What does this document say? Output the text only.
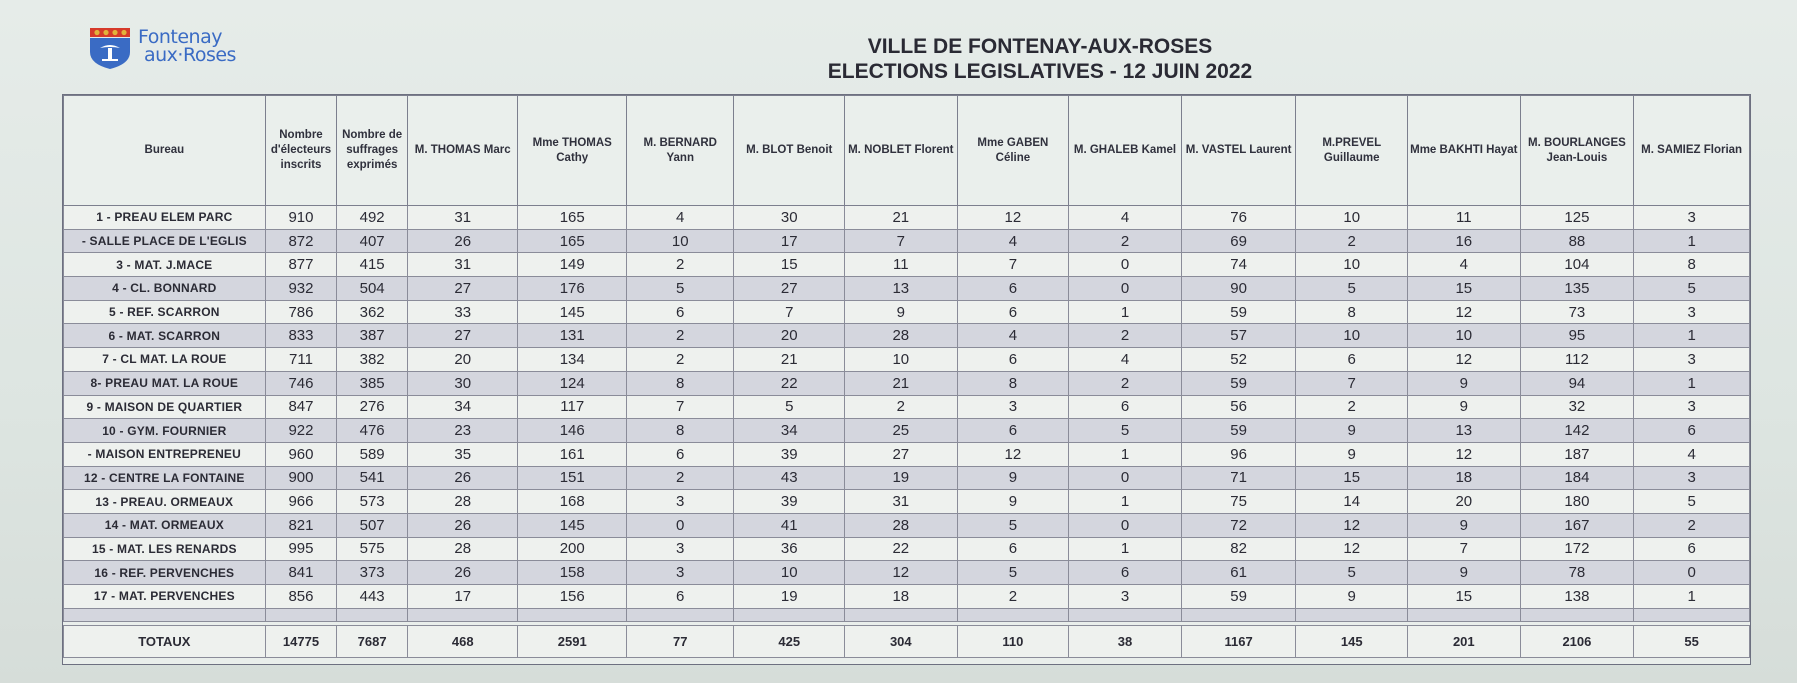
Fontenay
aux·Roses	VILLE DE FONTENAY-AUX-ROSES
ELECTIONS LEGISLATIVES - 12 JUIN 2022
Bureau	Nombre d'électeurs inscrits	Nombre de suffrages exprimés	M. THOMAS Marc	Mme THOMAS Cathy	M. BERNARD Yann	M. BLOT Benoit	M. NOBLET Florent	Mme GABEN Céline	M. GHALEB Kamel	M. VASTEL Laurent	M.PREVEL Guillaume	Mme BAKHTI Hayat	M. BOURLANGES Jean-Louis	M. SAMIEZ Florian
1 - PREAU ELEM PARC	910	492	31	165	4	30	21	12	4	76	10	11	125	3
- SALLE PLACE DE L'EGLIS	872	407	26	165	10	17	7	4	2	69	2	16	88	1
3 - MAT. J.MACE	877	415	31	149	2	15	11	7	0	74	10	4	104	8
4 - CL. BONNARD	932	504	27	176	5	27	13	6	0	90	5	15	135	5
5 - REF. SCARRON	786	362	33	145	6	7	9	6	1	59	8	12	73	3
6 - MAT. SCARRON	833	387	27	131	2	20	28	4	2	57	10	10	95	1
7 - CL MAT. LA ROUE	711	382	20	134	2	21	10	6	4	52	6	12	112	3
8- PREAU MAT. LA ROUE	746	385	30	124	8	22	21	8	2	59	7	9	94	1
9 - MAISON DE QUARTIER	847	276	34	117	7	5	2	3	6	56	2	9	32	3
10 - GYM. FOURNIER	922	476	23	146	8	34	25	6	5	59	9	13	142	6
- MAISON ENTREPRENEU	960	589	35	161	6	39	27	12	1	96	9	12	187	4
12 - CENTRE LA FONTAINE	900	541	26	151	2	43	19	9	0	71	15	18	184	3
13 - PREAU. ORMEAUX	966	573	28	168	3	39	31	9	1	75	14	20	180	5
14 - MAT. ORMEAUX	821	507	26	145	0	41	28	5	0	72	12	9	167	2
15 - MAT. LES RENARDS	995	575	28	200	3	36	22	6	1	82	12	7	172	6
16 - REF. PERVENCHES	841	373	26	158	3	10	12	5	6	61	5	9	78	0
17 - MAT. PERVENCHES	856	443	17	156	6	19	18	2	3	59	9	15	138	1

TOTAUX	14775	7687	468	2591	77	425	304	110	38	1167	145	201	2106	55
